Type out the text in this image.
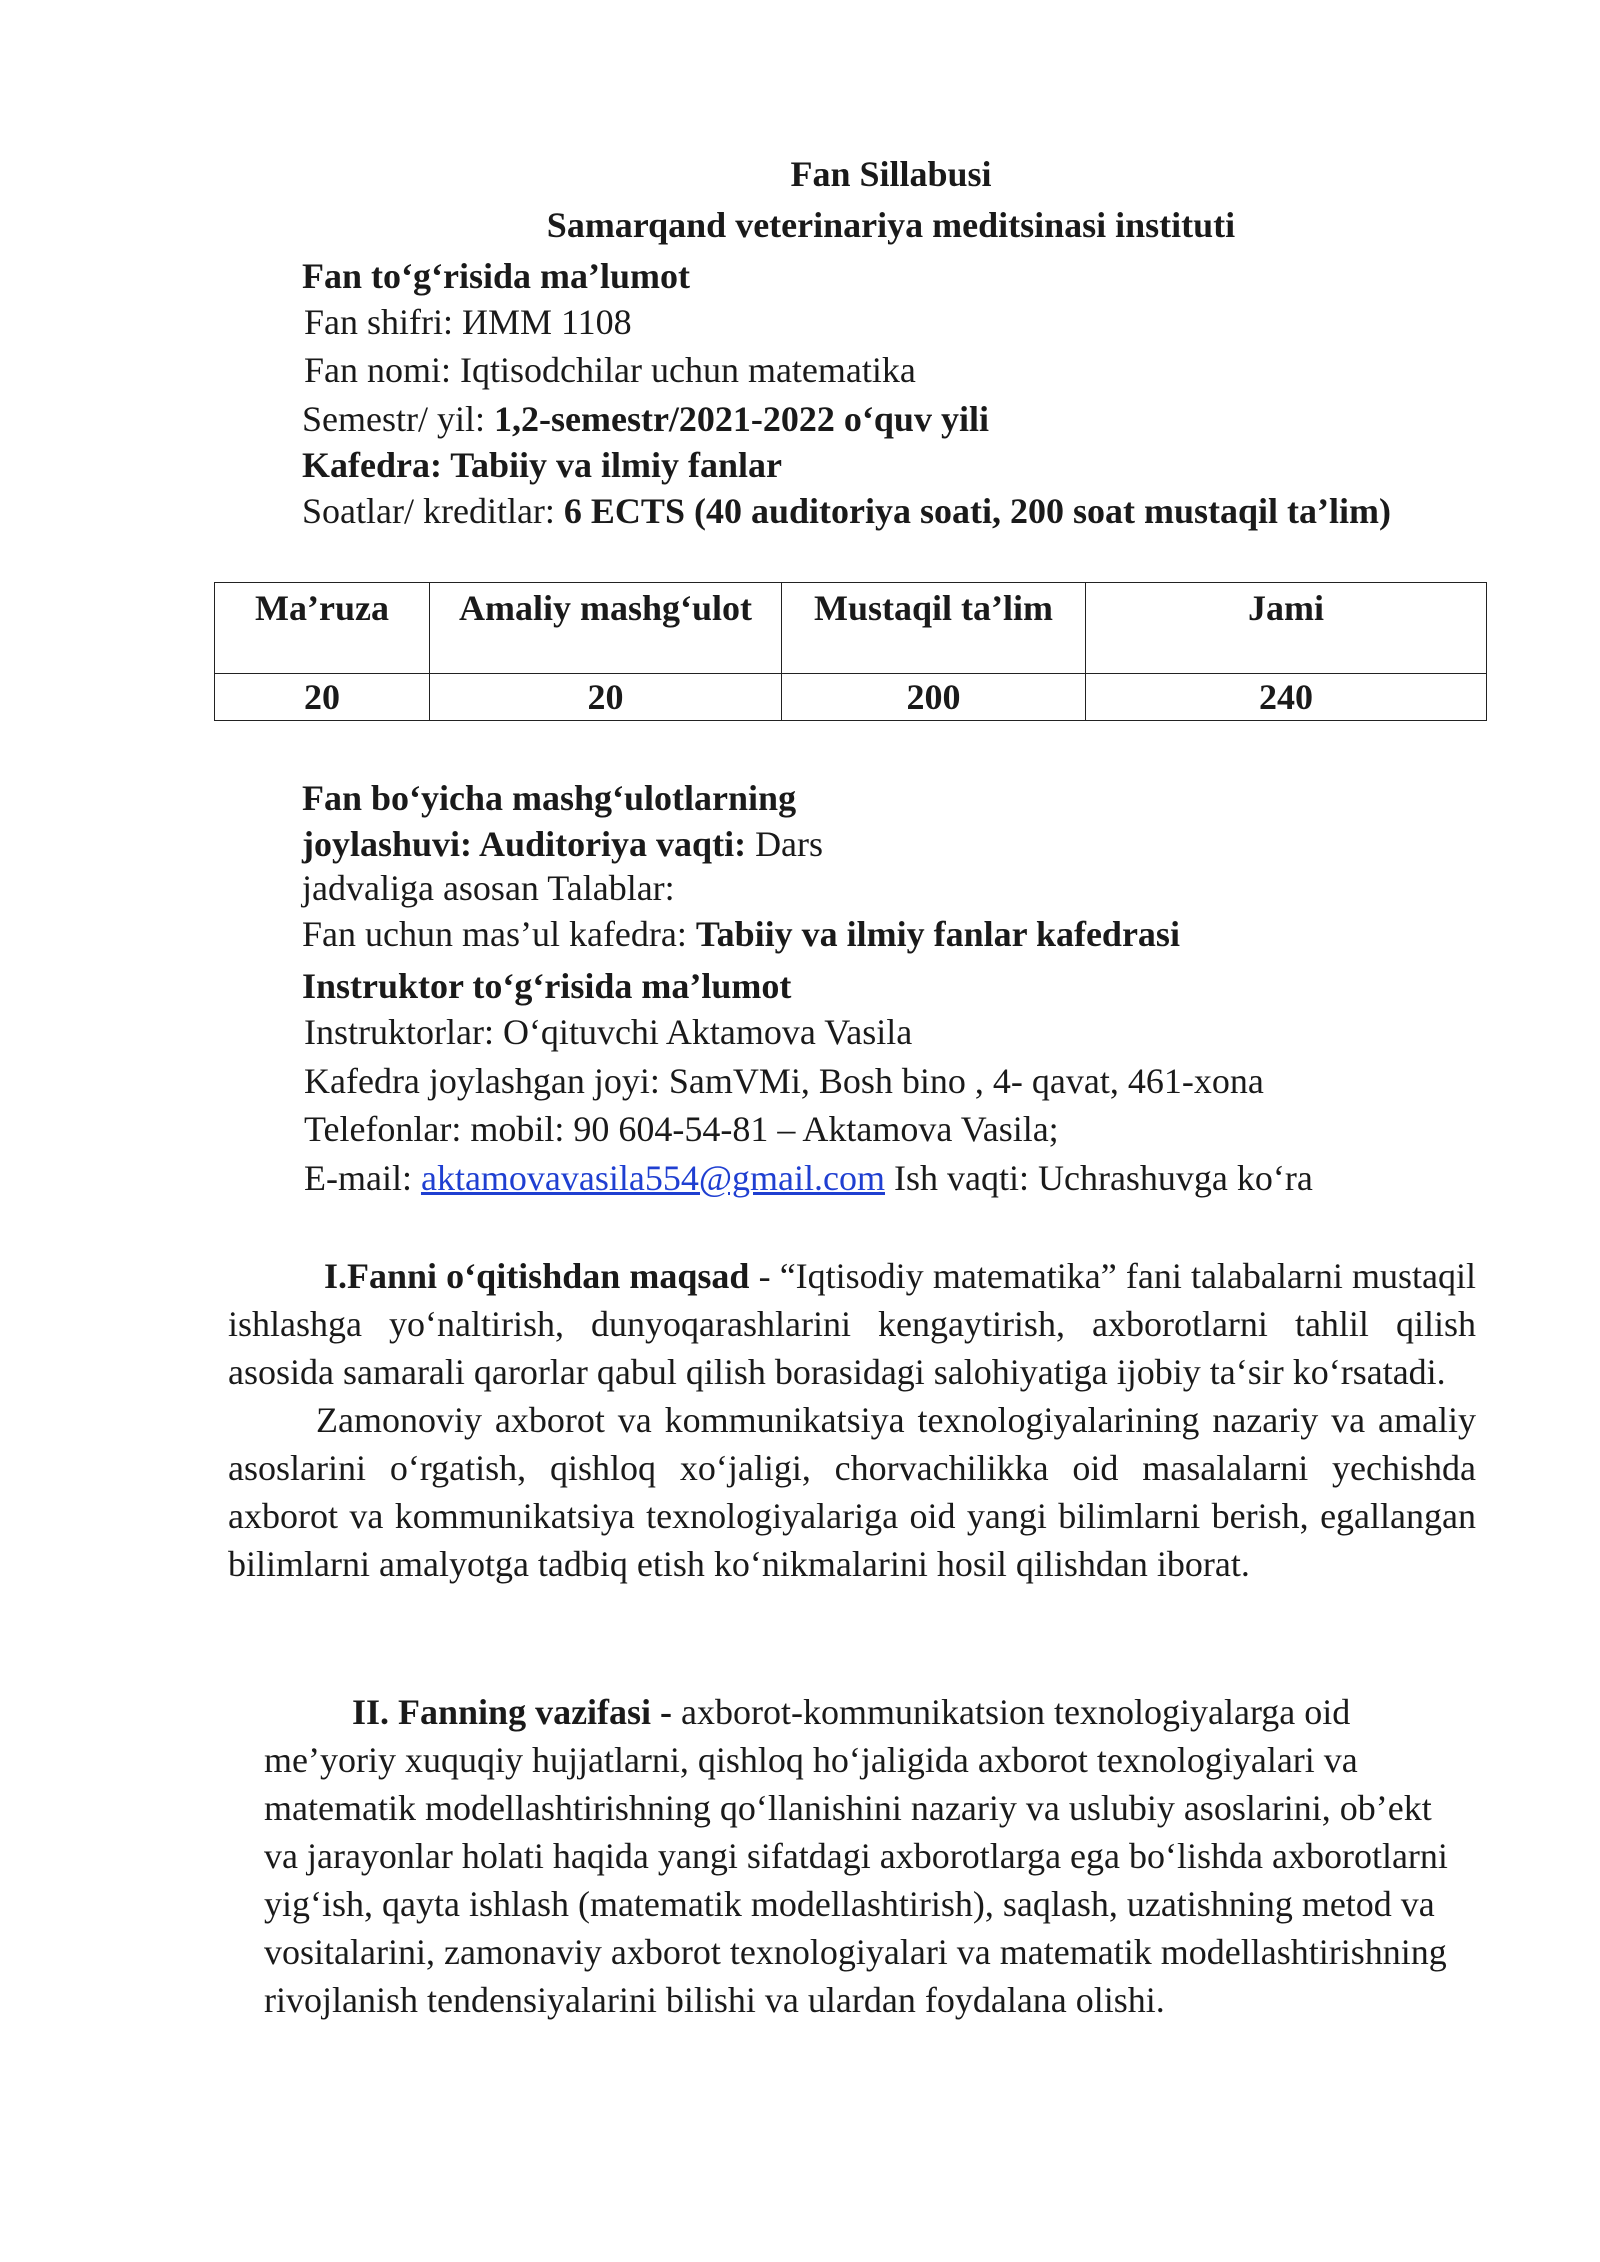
Fan Sillabusi
Samarqand veterinariya meditsinasi instituti
Fan to‘g‘risida ma’lumot
Fan shifri: ИММ 1108
Fan nomi: Iqtisodchilar uchun matematika
Semestr/ yil: 1,2-semestr/2021-2022 o‘quv yili
Kafedra: Tabiiy va ilmiy fanlar
Soatlar/ kreditlar: 6 ECTS (40 auditoriya soati, 200 soat mustaqil ta’lim)
Ma’ruza	Amaliy mashg‘ulot	Mustaqil ta’lim	Jami
20	20	200	240
Fan bo‘yicha mashg‘ulotlarning
joylashuvi: Auditoriya vaqti: Dars
jadvaliga asosan Talablar:
Fan uchun mas’ul kafedra: Tabiiy va ilmiy fanlar kafedrasi
Instruktor to‘g‘risida ma’lumot
Instruktorlar: O‘qituvchi Aktamova Vasila
Kafedra joylashgan joyi: SamVMi, Bosh bino , 4- qavat, 461-xona
Telefonlar: mobil: 90 604-54-81 – Aktamova Vasila;
E-mail: aktamovavasila554@gmail.com Ish vaqti: Uchrashuvga ko‘ra
I.Fanni o‘qitishdan maqsad - “Iqtisodiy matematika” fani talabalarni mustaqil ishlashga yo‘naltirish, dunyoqarashlarini kengaytirish, axborotlarni tahlil qilish asosida samarali qarorlar qabul qilish borasidagi salohiyatiga ijobiy ta‘sir ko‘rsatadi.
Zamonoviy axborot va kommunikatsiya texnologiyalarining nazariy va amaliy asoslarini o‘rgatish, qishloq xo‘jaligi, chorvachilikka oid masalalarni yechishda axborot va kommunikatsiya texnologiyalariga oid yangi bilimlarni berish, egallangan bilimlarni amalyotga tadbiq etish ko‘nikmalarini hosil qilishdan iborat.
II. Fanning vazifasi - axborot-kommunikatsion texnologiyalarga oid me’yoriy xuquqiy hujjatlarni, qishloq ho‘jaligida axborot texnologiyalari va matematik modellashtirishning qo‘llanishini nazariy va uslubiy asoslarini, ob’ekt va jarayonlar holati haqida yangi sifatdagi axborotlarga ega bo‘lishda axborotlarni yig‘ish, qayta ishlash (matematik modellashtirish), saqlash, uzatishning metod va vositalarini, zamonaviy axborot texnologiyalari va matematik modellashtirishning rivojlanish tendensiyalarini bilishi va ulardan foydalana olishi.
